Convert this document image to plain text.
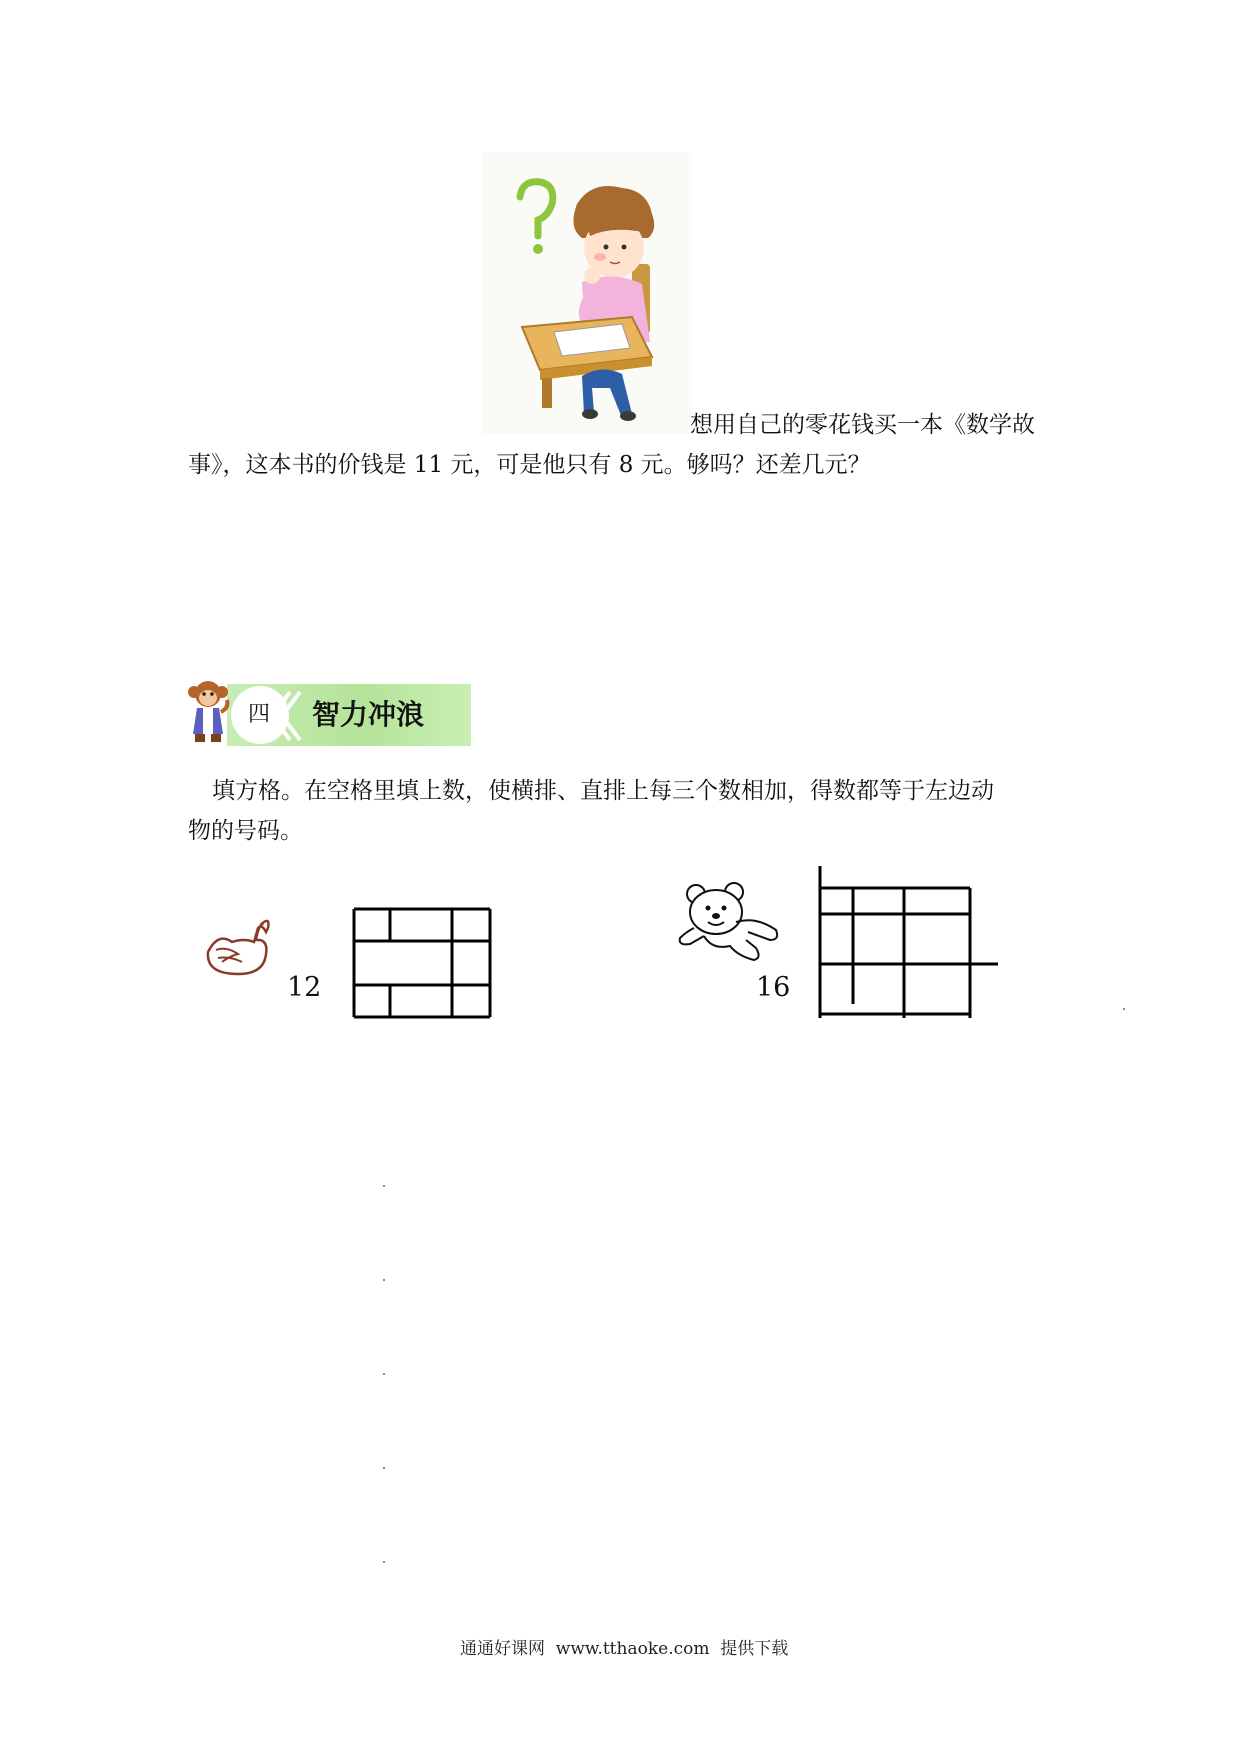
想用自己的零花钱买一本《数学故
事》，这本书的价钱是 11 元，可是他只有 8 元。够吗？还差几元？
四 智力冲浪
填方格。在空格里填上数，使横排、直排上每三个数相加，得数都等于左边动
物的号码。
12	16
通通好课网  www.tthaoke.com  提供下载
